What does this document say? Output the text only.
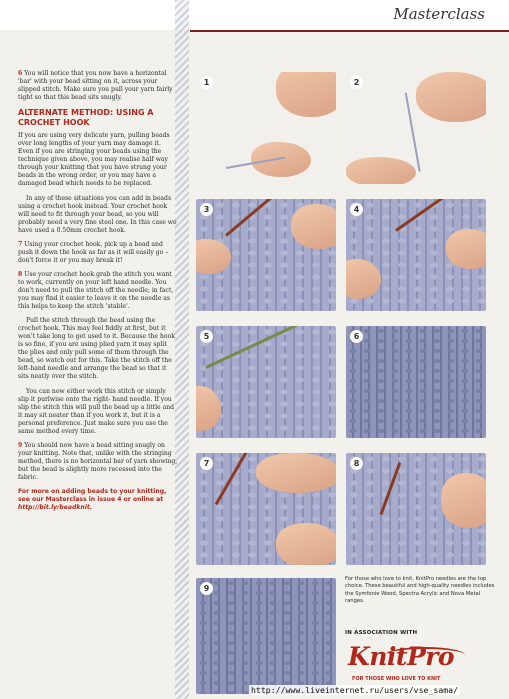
Masterclass

6 You will notice that you now have a horizontal 'bar' with your bead sitting on it, across your slipped stitch. Make sure you pull your yarn fairly tight so that this bead sits snugly.

ALTERNATE METHOD: USING A CROCHET HOOK

If you are using very delicate yarn, pulling beads over long lengths of your yarn may damage it. Even if you are stringing your beads using the technique given above, you may realise half way through your knitting that you have strung your beads in the wrong order, or you may have a damaged bead which needs to be replaced.

In any of these situations you can add in beads using a crochet hook instead. Your crochet hook will need to fit through your bead, so you will probably need a very fine steel one. In this case we have used a 0.50mm crochet hook.

7 Using your crochet hook, pick up a bead and push it down the hook as far as it will easily go – don't force it or you may break it!

8 Use your crochet hook grab the stitch you want to work, currently on your left hand needle. You don't need to pull the stitch off the needle; in fact, you may find it easier to leave it on the needle as this helps to keep the stitch 'stable'.

Pull the stitch through the bead using the crochet hook. This may feel fiddly at first, but it won't take long to get used to it. Because the hook is so fine, if you are using plied yarn it may split the plies and only pull some of them through the bead, so watch out for this. Take the stitch off the left-hand needle and arrange the bead so that it sits neatly over the stitch.

You can now either work this stitch or simply slip it purlwise onto the right- hand needle. If you slip the stitch this will pull the bead up a little and it may sit neater than if you work it, but it is a personal preference. Just make sure you use the same method every time.

9 You should now have a bead sitting snugly on your knitting. Note that, unlike with the stringing method, there is no horizontal bar of yarn showing, but the bead is slightly more recessed into the fabric.

For more on adding beads to your knitting, see our Masterclass in issue 4 or online at http://bit.ly/beadknit.

1	2
3	4
5	6
7	8
9
For those who love to knit, KnitPro needles are the top choice. These beautiful and high-quality needles includes the Symfonie Wood, Spectra Acrylic and Nova Metal ranges.
IN ASSOCIATION WITH
KnitPro
FOR THOSE WHO LOVE TO KNIT
http://www.liveinternet.ru/users/vse_sama/
